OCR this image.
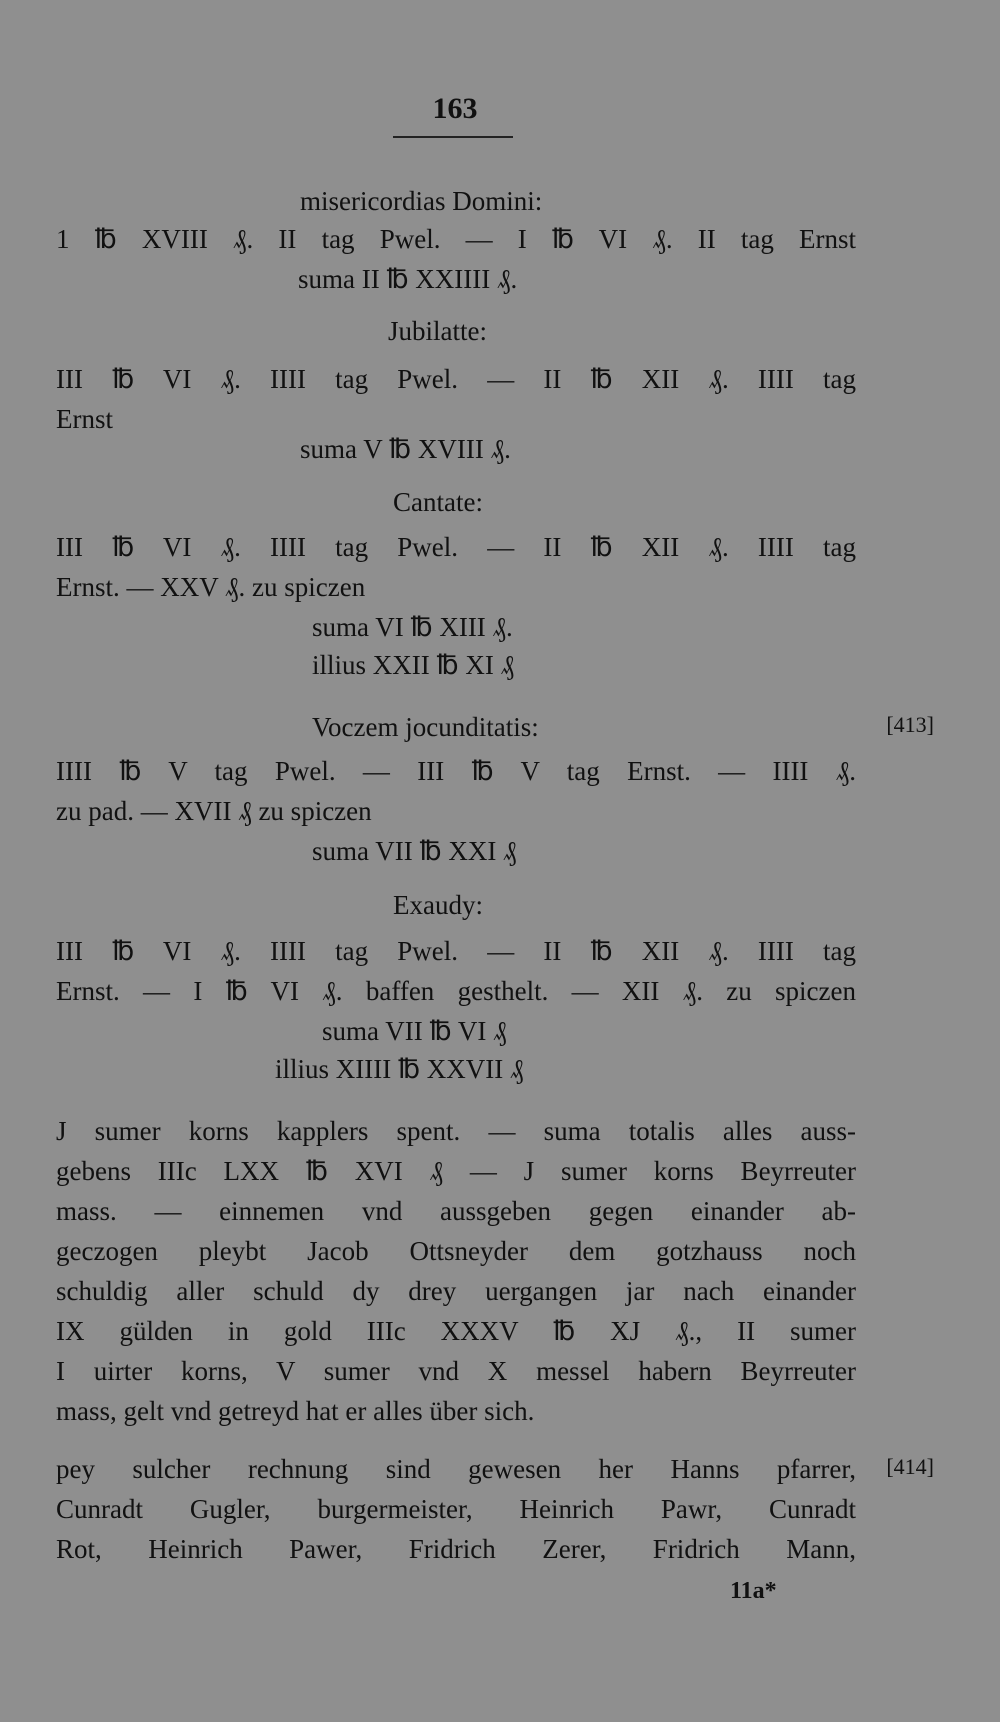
163
misericordias Domini:
1 ℔ XVIII ₰. II tag Pwel. — I ℔ VI ₰. II tag Ernst
suma II ℔ XXIIII ₰.
Jubilatte:
III ℔ VI ₰. IIII tag Pwel. — II ℔ XII ₰. IIII tag
Ernst
suma V ℔ XVIII ₰.
Cantate:
III ℔ VI ₰. IIII tag Pwel. — II ℔ XII ₰. IIII tag
Ernst. — XXV ₰. zu spiczen
suma VI ℔ XIII ₰.
illius XXII ℔ XI ₰
Voczem jocunditatis:	[413]
IIII ℔ V tag Pwel. — III ℔ V tag Ernst. — IIII ₰.
zu pad. — XVII ₰ zu spiczen
suma VII ℔ XXI ₰
Exaudy:
III ℔ VI ₰. IIII tag Pwel. — II ℔ XII ₰. IIII tag
Ernst. — I ℔ VI ₰. baffen gesthelt. — XII ₰. zu spiczen
suma VII ℔ VI ₰
illius XIIII ℔ XXVII ₰
J sumer korns kapplers spent. — suma totalis alles auss-
gebens IIIc LXX ℔ XVI ₰ — J sumer korns Beyrreuter
mass. — einnemen vnd aussgeben gegen einander ab-
geczogen pleybt Jacob Ottsneyder dem gotzhauss noch
schuldig aller schuld dy drey uergangen jar nach einander
IX gülden in gold IIIc XXXV ℔ XJ ₰., II sumer
I uirter korns, V sumer vnd X messel habern Beyrreuter
mass, gelt vnd getreyd hat er alles über sich.
pey sulcher rechnung sind gewesen her Hanns pfarrer, [414]
Cunradt Gugler, burgermeister, Heinrich Pawr, Cunradt
Rot, Heinrich Pawer, Fridrich Zerer, Fridrich Mann,
11a*
